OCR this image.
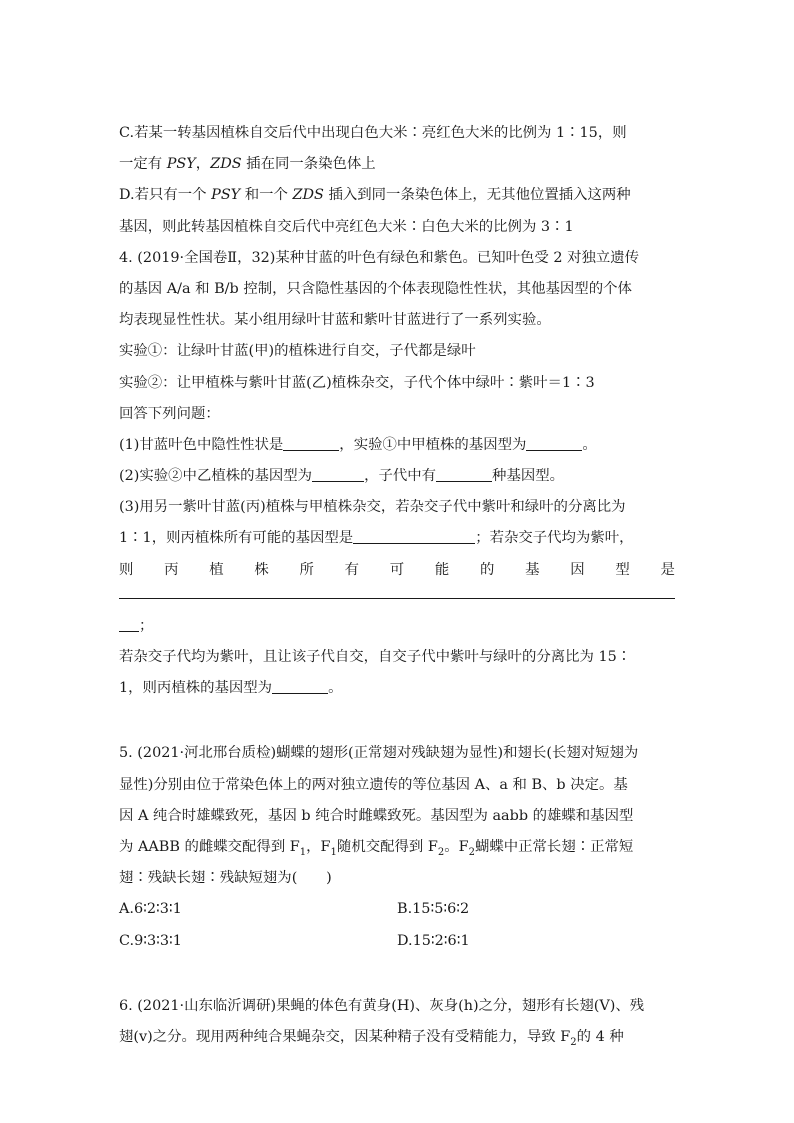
C.若某一转基因植株自交后代中出现白色大米∶亮红色大米的比例为 1∶15，则
一定有 PSY，ZDS 插在同一条染色体上
D.若只有一个 PSY 和一个 ZDS 插入到同一条染色体上，无其他位置插入这两种
基因，则此转基因植株自交后代中亮红色大米∶白色大米的比例为 3∶1
4. (2019·全国卷Ⅱ，32)某种甘蓝的叶色有绿色和紫色。已知叶色受 2 对独立遗传
的基因 A/a 和 B/b 控制，只含隐性基因的个体表现隐性性状，其他基因型的个体
均表现显性性状。某小组用绿叶甘蓝和紫叶甘蓝进行了一系列实验。
实验①：让绿叶甘蓝(甲)的植株进行自交，子代都是绿叶
实验②：让甲植株与紫叶甘蓝(乙)植株杂交，子代个体中绿叶∶紫叶＝1∶3
回答下列问题：
(1)甘蓝叶色中隐性性状是	，实验①中甲植株的基因型为	。
(2)实验②中乙植株的基因型为	，子代中有	种基因型。
(3)用另一紫叶甘蓝(丙)植株与甲植株杂交，若杂交子代中紫叶和绿叶的分离比为
1∶1，则丙植株所有可能的基因型是	；若杂交子代均为紫叶，
则 丙 植 株 所 有 可 能 的 基 因 型 是
；
若杂交子代均为紫叶，且让该子代自交，自交子代中紫叶与绿叶的分离比为 15∶
1，则丙植株的基因型为	。
5. (2021·河北邢台质检)蝴蝶的翅形(正常翅对残缺翅为显性)和翅长(长翅对短翅为
显性)分别由位于常染色体上的两对独立遗传的等位基因 A、a 和 B、b 决定。基
因 A 纯合时雄蝶致死，基因 b 纯合时雌蝶致死。基因型为 aabb 的雄蝶和基因型
为 AABB 的雌蝶交配得到 $F_1$，$F_1$随机交配得到 $F_2$。$F_2$蝴蝶中正常长翅∶正常短
翅∶残缺长翅∶残缺短翅为(　　)
A.6∶2∶3∶1	B.15∶5∶6∶2
C.9∶3∶3∶1	D.15∶2∶6∶1
6. (2021·山东临沂调研)果蝇的体色有黄身(H)、灰身(h)之分，翅形有长翅(V)、残
翅(v)之分。现用两种纯合果蝇杂交，因某种精子没有受精能力，导致 $F_2$的 4 种
